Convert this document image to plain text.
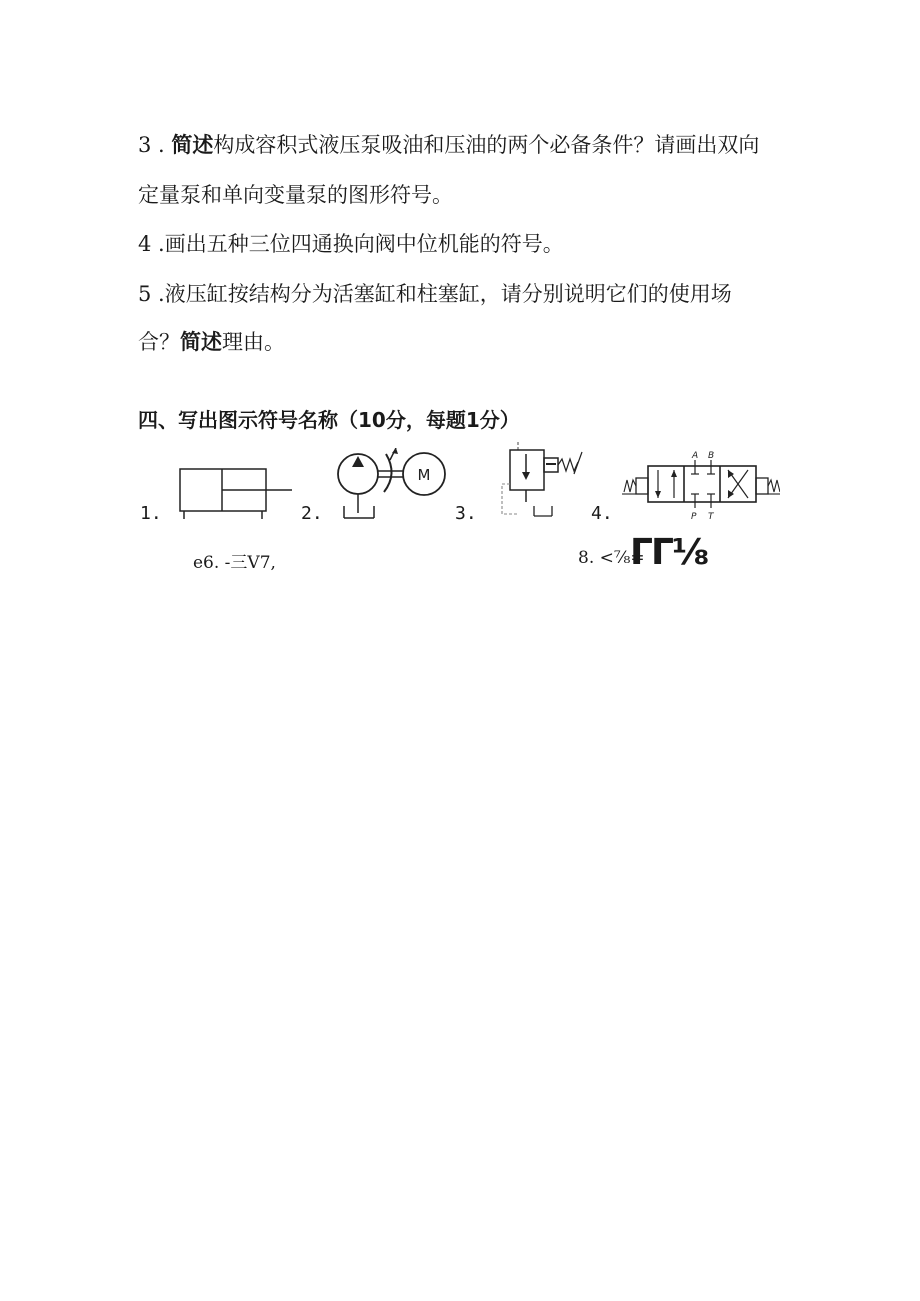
3 . 简述构成容积式液压泵吸油和压油的两个必备条件？请画出双向
定量泵和单向变量泵的图形符号。
4 .画出五种三位四通换向阀中位机能的符号。
5 .液压缸按结构分为活塞缸和柱塞缸，请分别说明它们的使用场
合？简述理由。
四、写出图示符号名称（10分，每题1分）
1.	2.	3.	4.
M
A B
P T
e6. -三V7,	8. <⅞=
ΓΓ⅛
